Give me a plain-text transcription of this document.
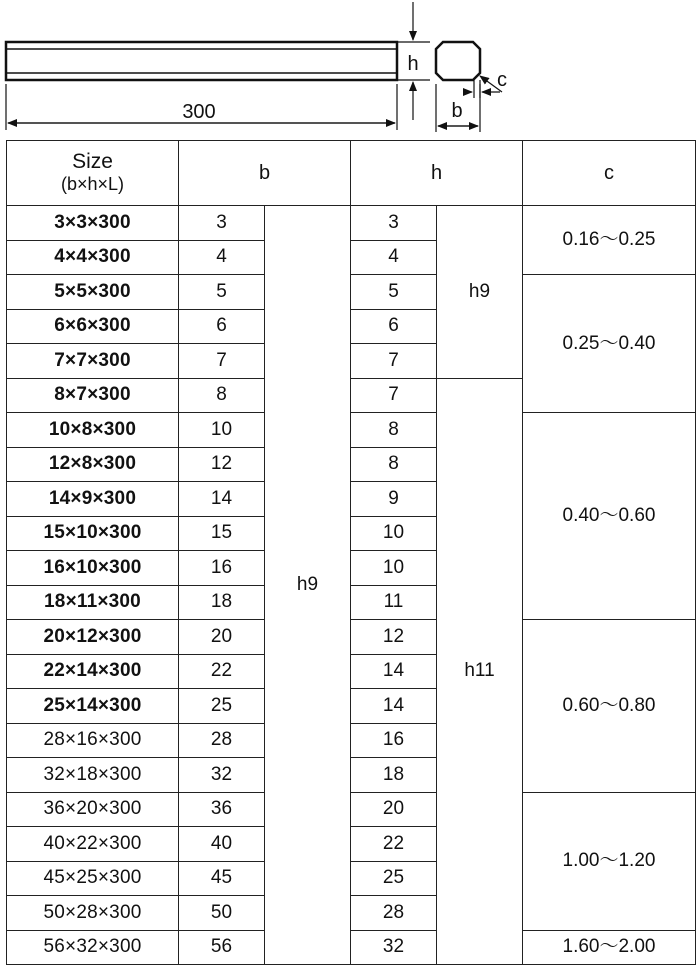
300
h
b
c
Size
(b×h×L)	b		h		c
3×3×300	3	h9	3	h9	0.16～0.25
4×4×300	4		4		
5×5×300	5		5		0.25～0.40
6×6×300	6		6		
7×7×300	7		7		
8×7×300	8		7	h11	
10×8×300	10		8		0.40～0.60
12×8×300	12		8		
14×9×300	14		9		
15×10×300	15		10		
16×10×300	16		10		
18×11×300	18		11		
20×12×300	20		12		0.60～0.80
22×14×300	22		14		
25×14×300	25		14		
28×16×300	28		16		
32×18×300	32		18		
36×20×300	36		20		1.00～1.20
40×22×300	40		22		
45×25×300	45		25		
50×28×300	50		28		
56×32×300	56		32		1.60～2.00
